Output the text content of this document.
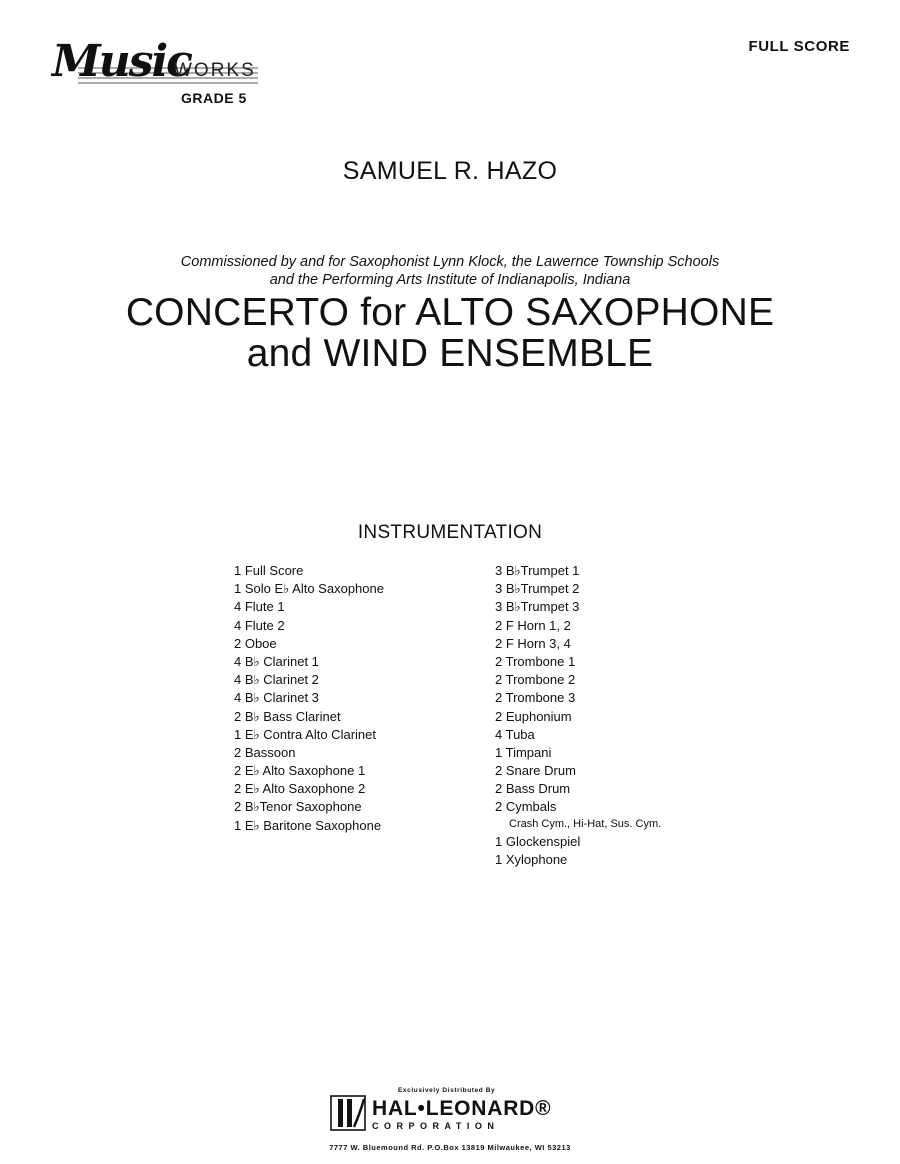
Music
WORKS
GRADE 5
FULL SCORE
SAMUEL R. HAZO
Commissioned by and for Saxophonist Lynn Klock, the Lawernce Township Schools
and the Performing Arts Institute of Indianapolis, Indiana
CONCERTO for ALTO SAXOPHONE
and WIND ENSEMBLE
INSTRUMENTATION
1 Full Score
1 Solo E♭ Alto Saxophone
4 Flute 1
4 Flute 2
2 Oboe
4 B♭ Clarinet 1
4 B♭ Clarinet 2
4 B♭ Clarinet 3
2 B♭ Bass Clarinet
1 E♭ Contra Alto Clarinet
2 Bassoon
2 E♭ Alto Saxophone 1
2 E♭ Alto Saxophone 2
2 B♭Tenor Saxophone
1 E♭ Baritone Saxophone
3 B♭Trumpet 1
3 B♭Trumpet 2
3 B♭Trumpet 3
2 F Horn 1, 2
2 F Horn 3, 4
2 Trombone 1
2 Trombone 2
2 Trombone 3
2 Euphonium
4 Tuba
1 Timpani
2 Snare Drum
2 Bass Drum
2 Cymbals
Crash Cym., Hi-Hat, Sus. Cym.
1 Glockenspiel
1 Xylophone
Exclusively Distributed By
HAL•LEONARD®
CORPORATION
7777 W. Bluemound Rd. P.O.Box 13819 Milwaukee, WI 53213
